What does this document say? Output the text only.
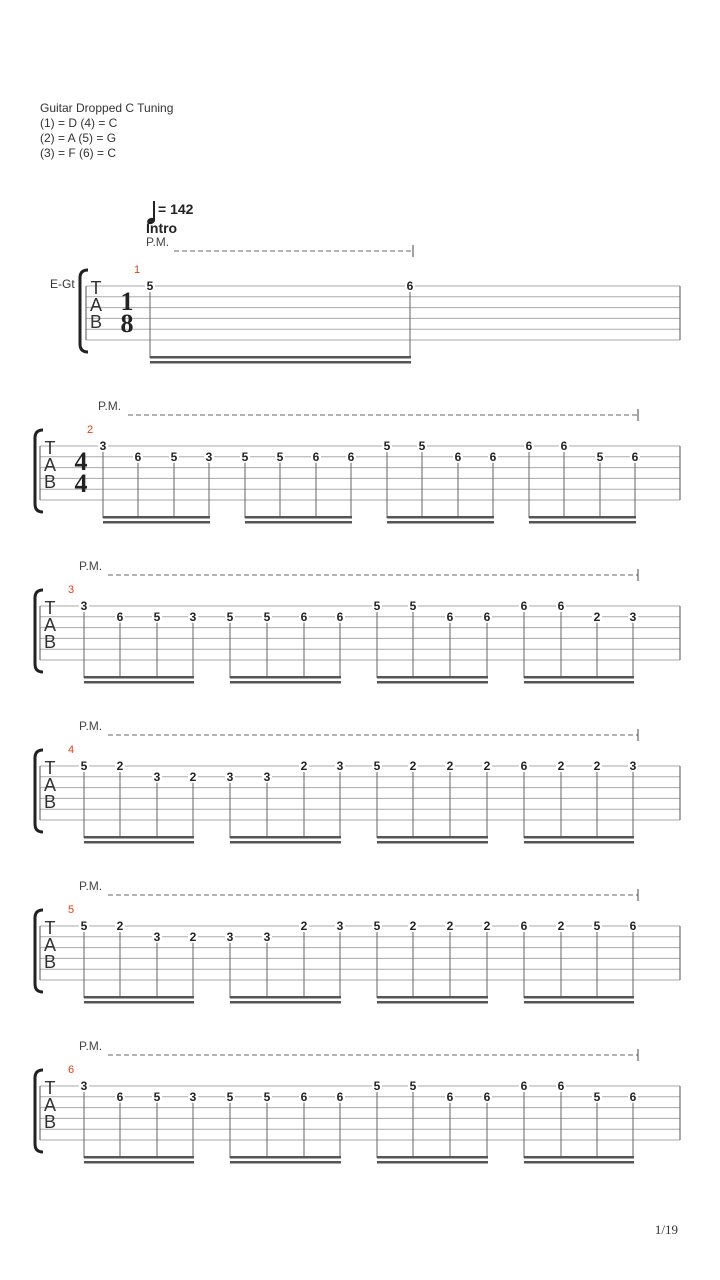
Guitar Dropped C Tuning
(1) = D (4) = C
(2) = A (5) = G
(3) = F (6) = C
= 142
Intro
E-Gt T
A
B
1
8
1
P.M.
5	6
T
A
B
4
4
2
P.M.
3
6 5 3 5 5 6 6
5 5
6 6
6 6
5 6
T
A
B
3
P.M.
3
6	5 3	5	5	6 6
5 5
6	6
6	6
2 3
T
A
B
4
P.M.
5 2
3 2	3	3
2 3	5 2	2	2	6	2 2 3
T
A
B
5
P.M.
5 2
3 2	3	3
2 3	5 2	2	2	6	2 5 6
T
A
B
6
P.M.
3
6	5 3	5	5	6 6
5 5
6	6
6	6
5 6
1/19
